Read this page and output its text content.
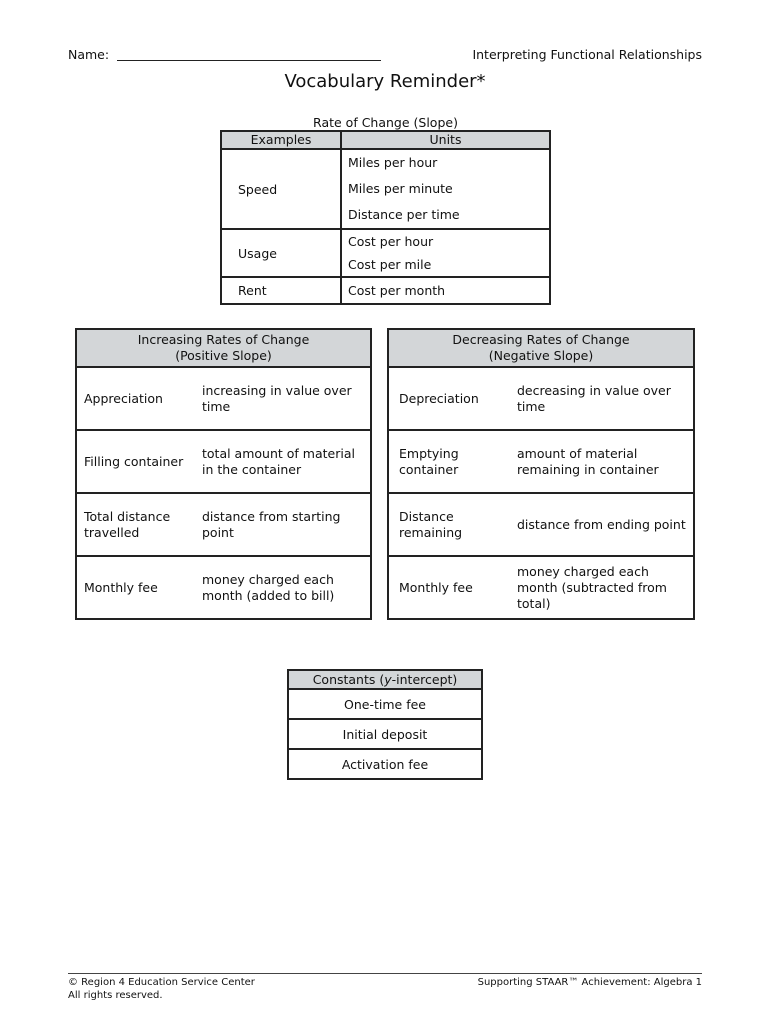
Name:	Interpreting Functional Relationships
Vocabulary Reminder*
Rate of Change (Slope)
Examples	Units
Speed	Miles per hour
Miles per minute
Distance per time

Usage	Cost per hour
Cost per mile

Rent	Cost per month
Increasing Rates of Change
(Positive Slope)	

Appreciation	increasing in value over time
Filling container	total amount of material in the container
Total distance travelled	distance from starting point
Monthly fee	money charged each month (added to bill)
Decreasing Rates of Change
(Negative Slope)	

Depreciation	decreasing in value over time
Emptying container	amount of material remaining in container
Distance remaining	distance from ending point
Monthly fee	money charged each month (subtracted from total)
Constants (y-intercept)
One-time fee
Initial deposit
Activation fee
© Region 4 Education Service Center
All rights reserved.
Supporting STAAR™ Achievement: Algebra 1
